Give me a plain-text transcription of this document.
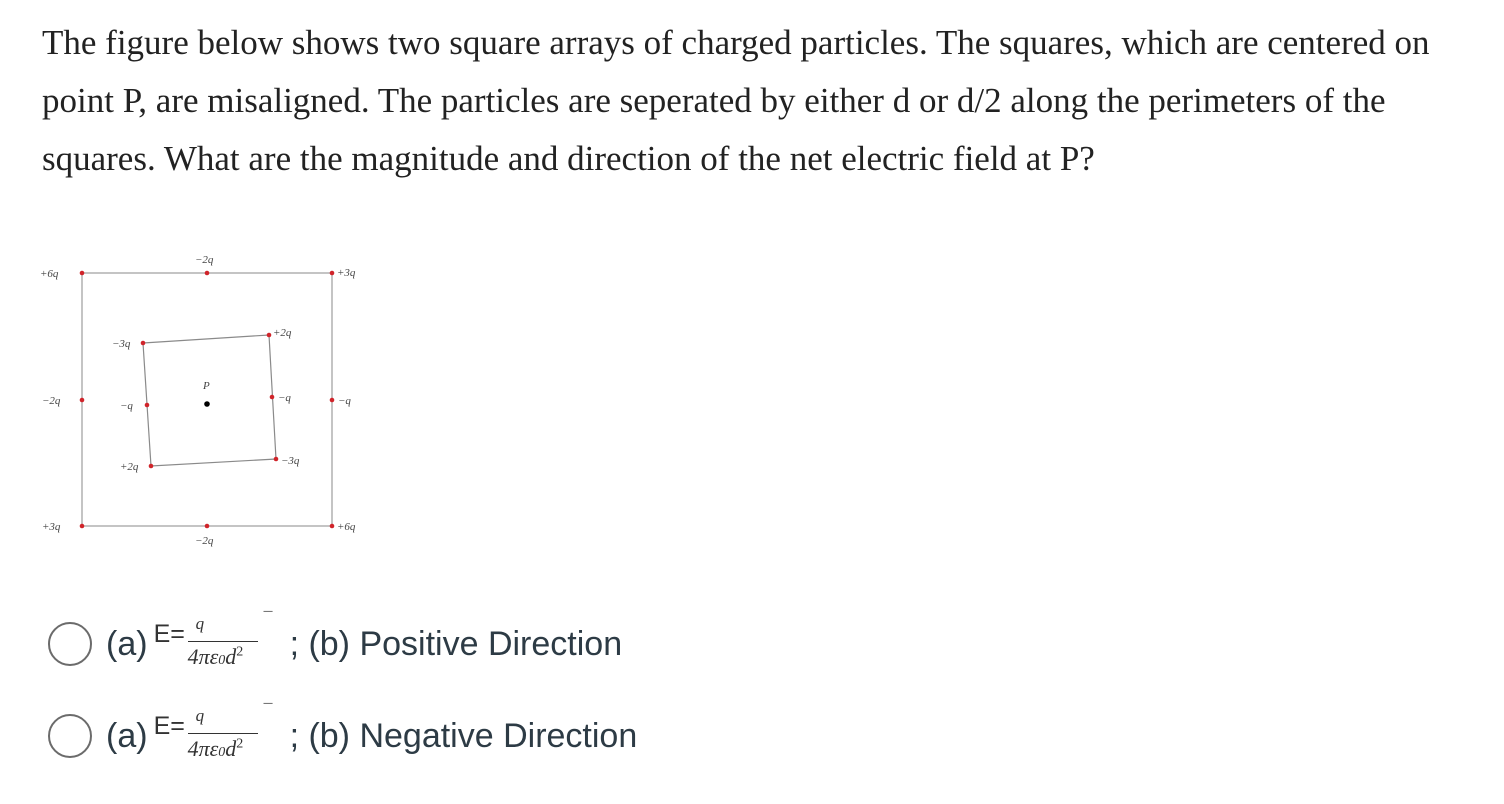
The figure below shows two square arrays of charged particles. The squares, which are centered on point P, are misaligned. The particles are seperated by either d or d/2 along the perimeters of the squares. What are the magnitude and direction of the net electric field at P?

+6q
−2q
+3q
−2q	−q
+3q
−2q
+6q
−3q
+2q
−q
−q
+2q	−3q
P
(a) E= q	¯
$4\pi\varepsilon 0d^2$ ; (b) Positive Direction
(a) E= q	¯
$4\pi\varepsilon 0d^2$ ; (b) Negative Direction
